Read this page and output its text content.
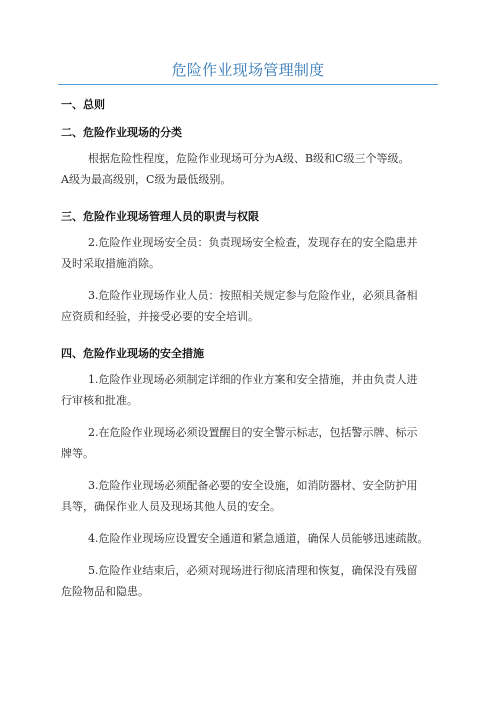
危险作业现场管理制度
一、总则
二、危险作业现场的分类
根据危险性程度，危险作业现场可分为A级、B级和C级三个等级。
A级为最高级别，C级为最低级别。
三、危险作业现场管理人员的职责与权限
2.危险作业现场安全员：负责现场安全检查，发现存在的安全隐患并
及时采取措施消除。
3.危险作业现场作业人员：按照相关规定参与危险作业，必须具备相
应资质和经验，并接受必要的安全培训。
四、危险作业现场的安全措施
1.危险作业现场必须制定详细的作业方案和安全措施，并由负责人进
行审核和批准。
2.在危险作业现场必须设置醒目的安全警示标志，包括警示牌、标示
牌等。
3.危险作业现场必须配备必要的安全设施，如消防器材、安全防护用
具等，确保作业人员及现场其他人员的安全。
4.危险作业现场应设置安全通道和紧急通道，确保人员能够迅速疏散。
5.危险作业结束后，必须对现场进行彻底清理和恢复，确保没有残留
危险物品和隐患。
